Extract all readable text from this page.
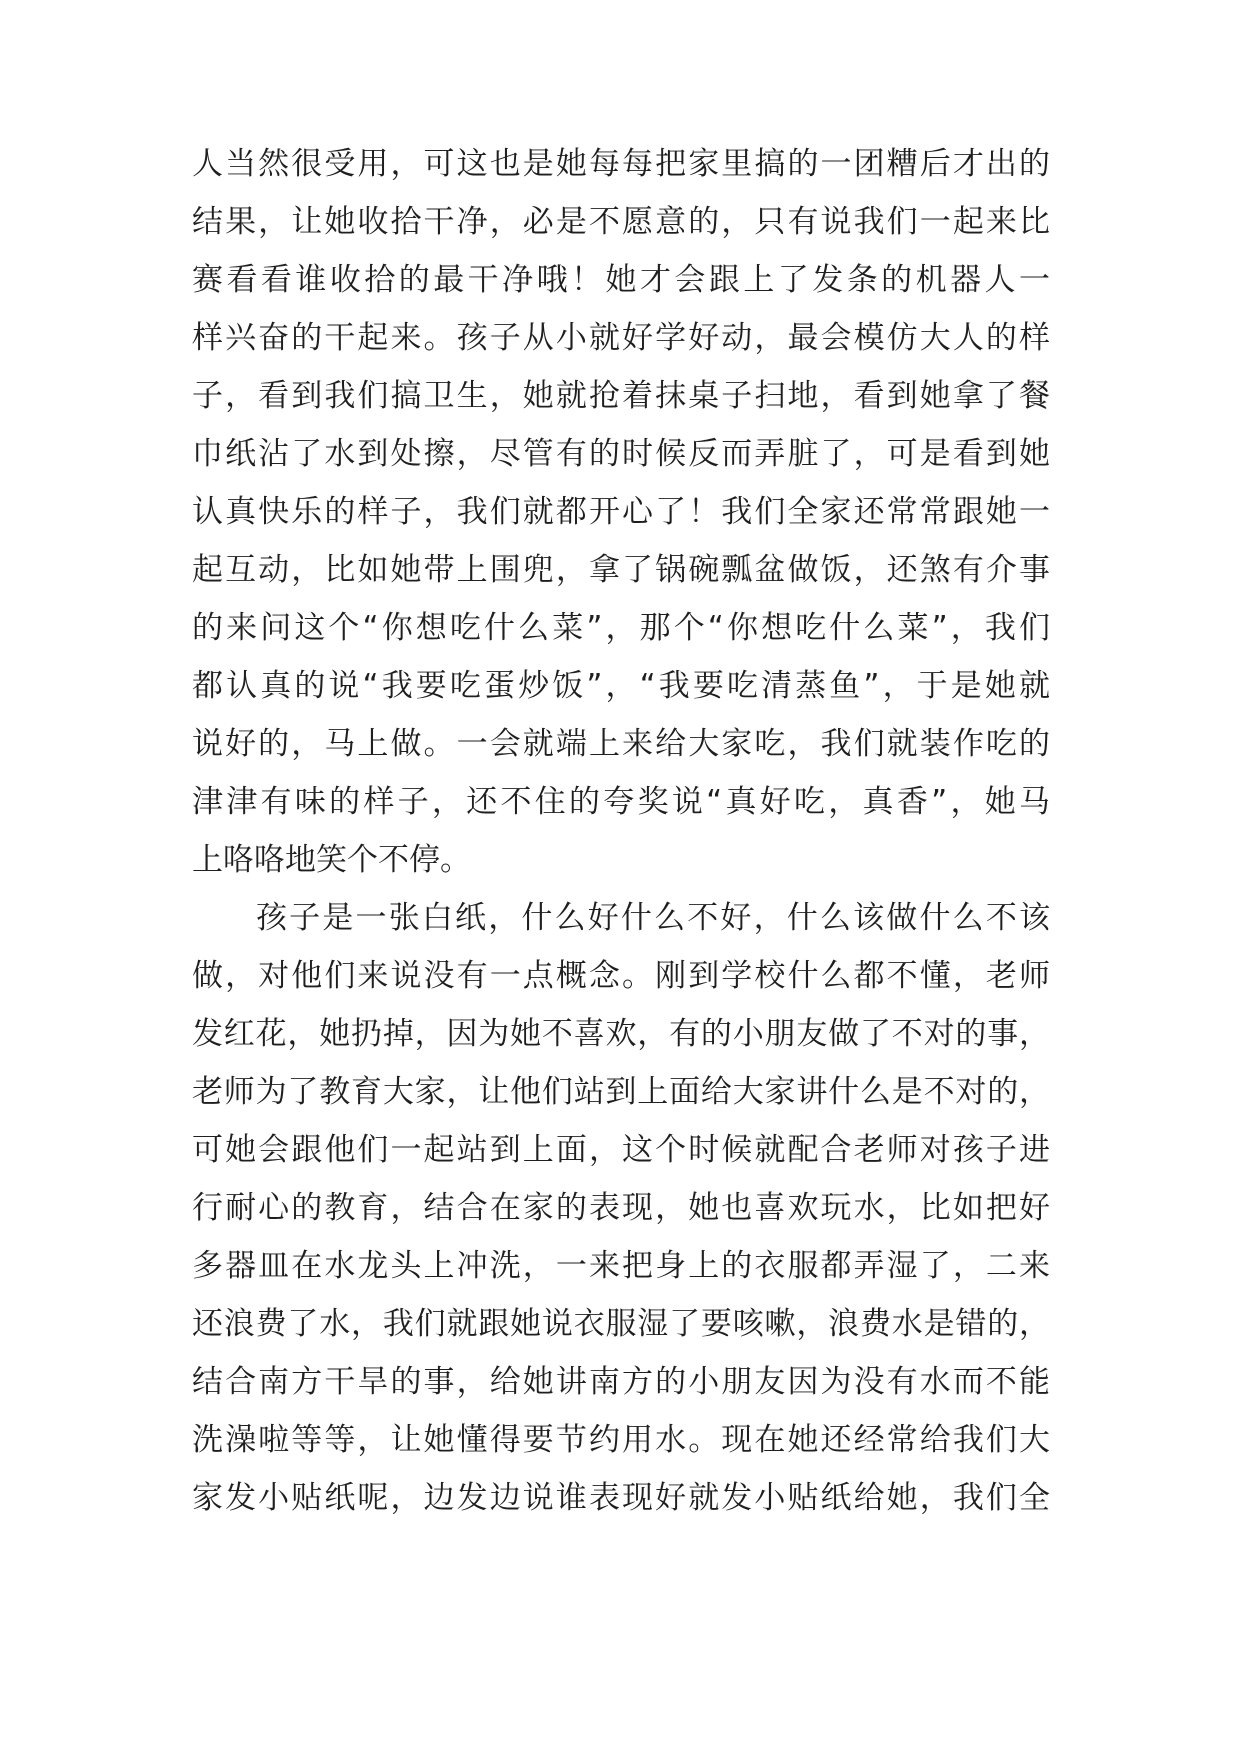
人当然很受用，可这也是她每每把家里搞的一团糟后才出的
结果，让她收拾干净，必是不愿意的，只有说我们一起来比
赛看看谁收拾的最干净哦！她才会跟上了发条的机器人一
样兴奋的干起来。孩子从小就好学好动，最会模仿大人的样
子，看到我们搞卫生，她就抢着抹桌子扫地，看到她拿了餐
巾纸沾了水到处擦，尽管有的时候反而弄脏了，可是看到她
认真快乐的样子，我们就都开心了！我们全家还常常跟她一
起互动，比如她带上围兜，拿了锅碗瓢盆做饭，还煞有介事
的来问这个“你想吃什么菜”，那个“你想吃什么菜”，我们
都认真的说“我要吃蛋炒饭”，“我要吃清蒸鱼”，于是她就
说好的，马上做。一会就端上来给大家吃，我们就装作吃的
津津有味的样子，还不住的夸奖说“真好吃，真香”，她马
上咯咯地笑个不停。
孩子是一张白纸，什么好什么不好，什么该做什么不该
做，对他们来说没有一点概念。刚到学校什么都不懂，老师
发红花，她扔掉，因为她不喜欢，有的小朋友做了不对的事，
老师为了教育大家，让他们站到上面给大家讲什么是不对的，
可她会跟他们一起站到上面，这个时候就配合老师对孩子进
行耐心的教育，结合在家的表现，她也喜欢玩水，比如把好
多器皿在水龙头上冲洗，一来把身上的衣服都弄湿了，二来
还浪费了水，我们就跟她说衣服湿了要咳嗽，浪费水是错的，
结合南方干旱的事，给她讲南方的小朋友因为没有水而不能
洗澡啦等等，让她懂得要节约用水。现在她还经常给我们大
家发小贴纸呢，边发边说谁表现好就发小贴纸给她，我们全
